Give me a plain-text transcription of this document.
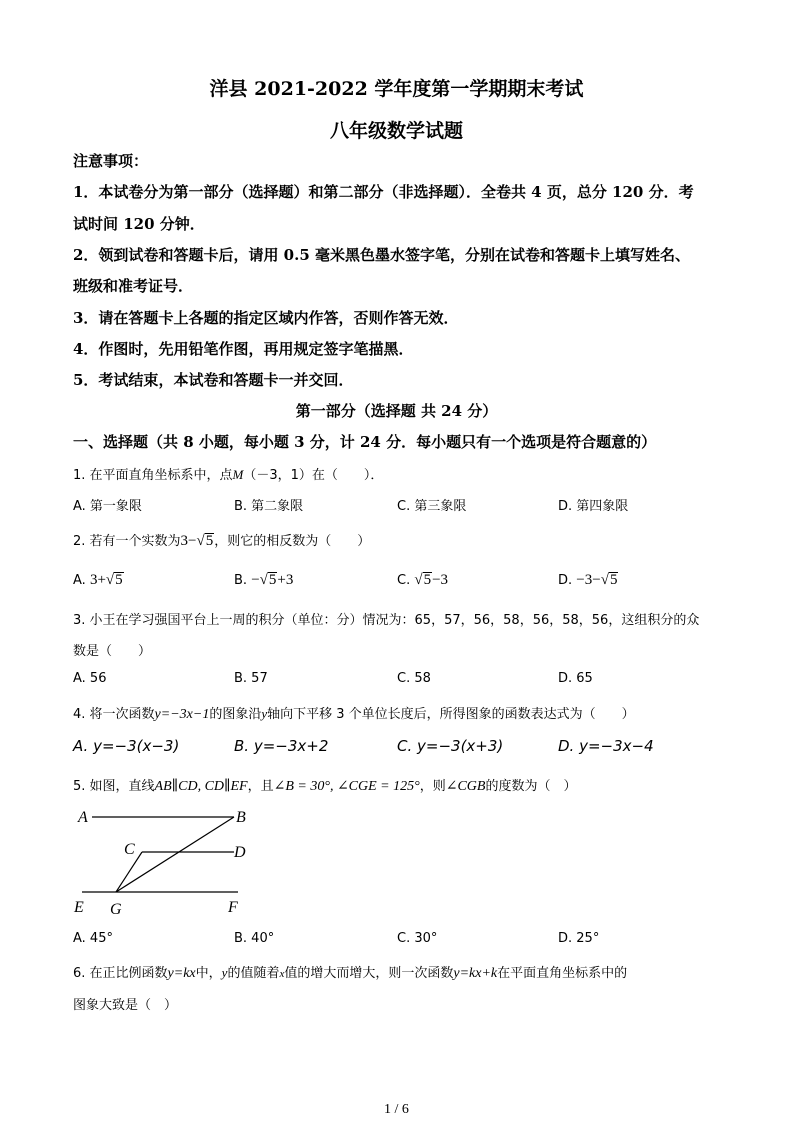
洋县 2021-2022 学年度第一学期期末考试
八年级数学试题
注意事项：
1．本试卷分为第一部分（选择题）和第二部分（非选择题）．全卷共 4 页，总分 120 分．考
试时间 120 分钟．
2．领到试卷和答题卡后，请用 0.5 毫米黑色墨水签字笔，分别在试卷和答题卡上填写姓名、
班级和准考证号．
3．请在答题卡上各题的指定区域内作答，否则作答无效．
4．作图时，先用铅笔作图，再用规定签字笔描黑．
5．考试结束，本试卷和答题卡一并交回．
第一部分（选择题 共 24 分）
一、选择题（共 8 小题，每小题 3 分，计 24 分．每小题只有一个选项是符合题意的）
1. 在平面直角坐标系中，点M（－3，1）在（　　）．
A. 第一象限	B. 第二象限	C. 第三象限	D. 第四象限
2. 若有一个实数为3−√5，则它的相反数为（　　）
A. 3+√5	B. −√5+3	C. √5−3	D. −3−√5
3. 小王在学习强国平台上一周的积分（单位：分）情况为：65，57，56，58，56，58，56，这组积分的众
数是（　　）
A. 56	B. 57	C. 58	D. 65
4. 将一次函数y=−3x−1的图象沿y轴向下平移 3 个单位长度后，所得图象的函数表达式为（　　）
A. y=−3(x−3)	B. y=−3x+2	C. y=−3(x+3)	D. y=−3x−4
5. 如图，直线AB∥CD, CD∥EF，且∠B = 30°, ∠CGE = 125°，则∠CGB的度数为（　）
A	B
C	D
E G	F
A. 45°	B. 40°	C. 30°	D. 25°
6. 在正比例函数y=kx中，y的值随着x值的增大而增大，则一次函数y=kx+k在平面直角坐标系中的
图象大致是（　）
1 / 6
